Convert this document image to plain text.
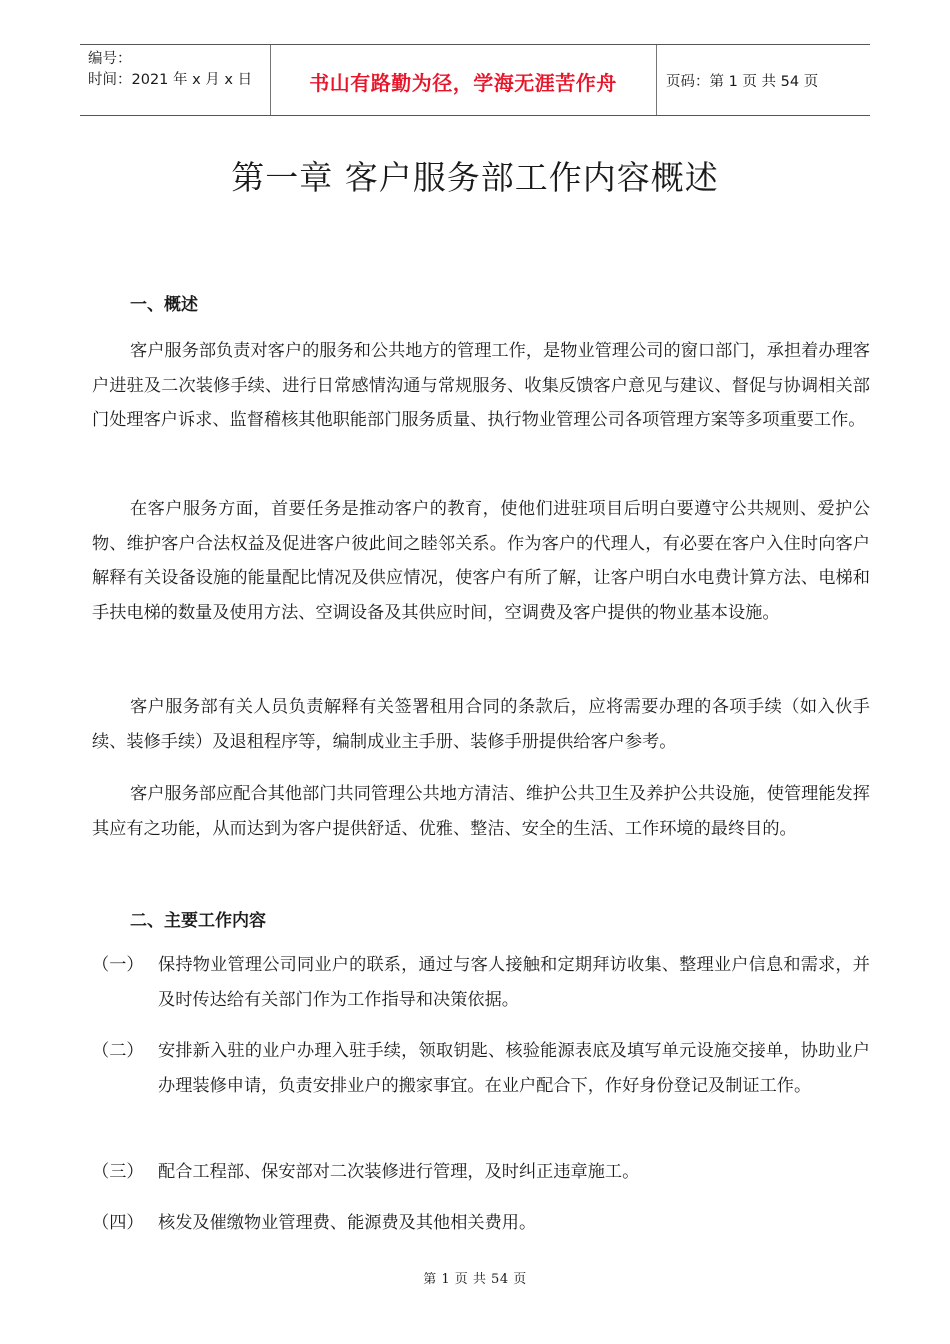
编号：
时间：2021 年 x 月 x 日	书山有路勤为径，学海无涯苦作舟	页码：第 1 页 共 54 页
第一章 客户服务部工作内容概述
一、概述

客户服务部负责对客户的服务和公共地方的管理工作，是物业管理公司的窗口部门，承担着办理客户进驻及二次装修手续、进行日常感情沟通与常规服务、收集反馈客户意见与建议、督促与协调相关部门处理客户诉求、监督稽核其他职能部门服务质量、执行物业管理公司各项管理方案等多项重要工作。

在客户服务方面，首要任务是推动客户的教育，使他们进驻项目后明白要遵守公共规则、爱护公物、维护客户合法权益及促进客户彼此间之睦邻关系。作为客户的代理人，有必要在客户入住时向客户解释有关设备设施的能量配比情况及供应情况，使客户有所了解，让客户明白水电费计算方法、电梯和手扶电梯的数量及使用方法、空调设备及其供应时间，空调费及客户提供的物业基本设施。

客户服务部有关人员负责解释有关签署租用合同的条款后，应将需要办理的各项手续（如入伙手续、装修手续）及退租程序等，编制成业主手册、装修手册提供给客户参考。

客户服务部应配合其他部门共同管理公共地方清洁、维护公共卫生及养护公共设施，使管理能发挥其应有之功能，从而达到为客户提供舒适、优雅、整洁、安全的生活、工作环境的最终目的。

二、主要工作内容
（一） 保持物业管理公司同业户的联系，通过与客人接触和定期拜访收集、整理业户信息和需求，并及时传达给有关部门作为工作指导和决策依据。
（二） 安排新入驻的业户办理入驻手续，领取钥匙、核验能源表底及填写单元设施交接单，协助业户办理装修申请，负责安排业户的搬家事宜。在业户配合下，作好身份登记及制证工作。
（三） 配合工程部、保安部对二次装修进行管理，及时纠正违章施工。
（四） 核发及催缴物业管理费、能源费及其他相关费用。
第 1 页 共 54 页
